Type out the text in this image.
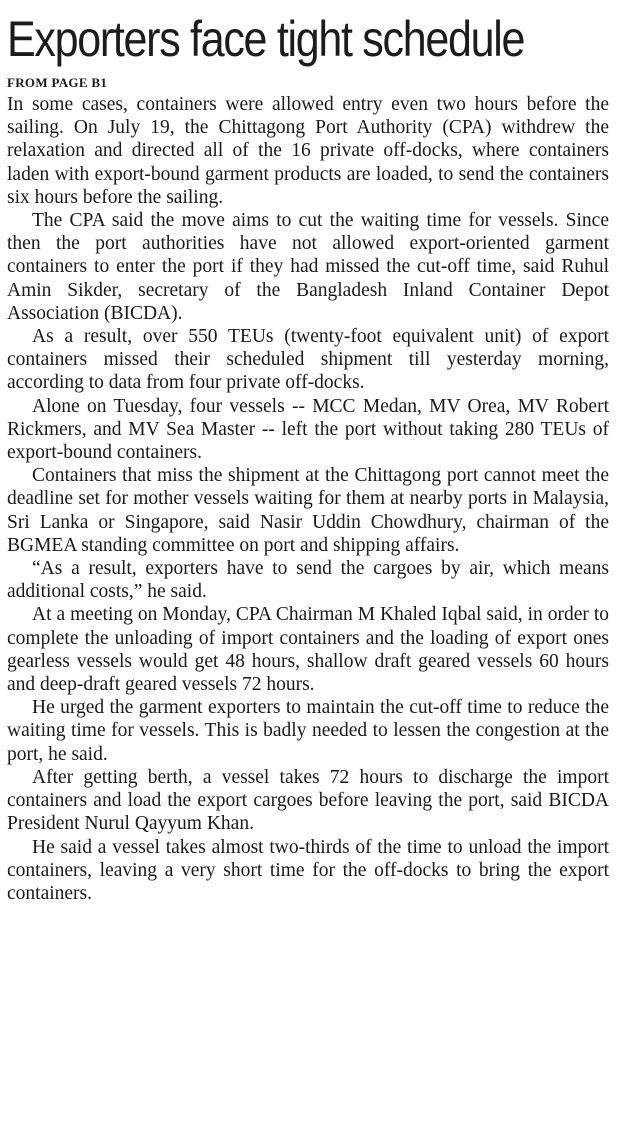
Exporters face tight schedule
FROM PAGE B1

In some cases, containers were allowed entry even two hours before the sailing. On July 19, the Chittagong Port Authority (CPA) withdrew the relaxation and directed all of the 16 private off-docks, where containers laden with export-bound garment products are loaded, to send the containers six hours before the sailing.

The CPA said the move aims to cut the waiting time for vessels. Since then the port authorities have not allowed export-oriented garment containers to enter the port if they had missed the cut-off time, said Ruhul Amin Sikder, secretary of the Bangladesh Inland Container Depot Association (BICDA).

As a result, over 550 TEUs (twenty-foot equivalent unit) of export containers missed their scheduled shipment till yesterday morning, according to data from four private off-docks.

Alone on Tuesday, four vessels -- MCC Medan, MV Orea, MV Robert Rickmers, and MV Sea Master -- left the port without taking 280 TEUs of export-bound containers.

Containers that miss the shipment at the Chittagong port cannot meet the deadline set for mother vessels waiting for them at nearby ports in Malaysia, Sri Lanka or Singapore, said Nasir Uddin Chowdhury, chairman of the BGMEA standing committee on port and shipping affairs.

“As a result, exporters have to send the cargoes by air, which means additional costs,” he said.

At a meeting on Monday, CPA Chairman M Khaled Iqbal said, in order to complete the unloading of import containers and the loading of export ones gearless vessels would get 48 hours, shallow draft geared vessels 60 hours and deep-draft geared vessels 72 hours.

He urged the garment exporters to maintain the cut-off time to reduce the waiting time for vessels. This is badly needed to lessen the congestion at the port, he said.

After getting berth, a vessel takes 72 hours to discharge the import containers and load the export cargoes before leaving the port, said BICDA President Nurul Qayyum Khan.

He said a vessel takes almost two-thirds of the time to unload the import containers, leaving a very short time for the off-docks to bring the export containers.
